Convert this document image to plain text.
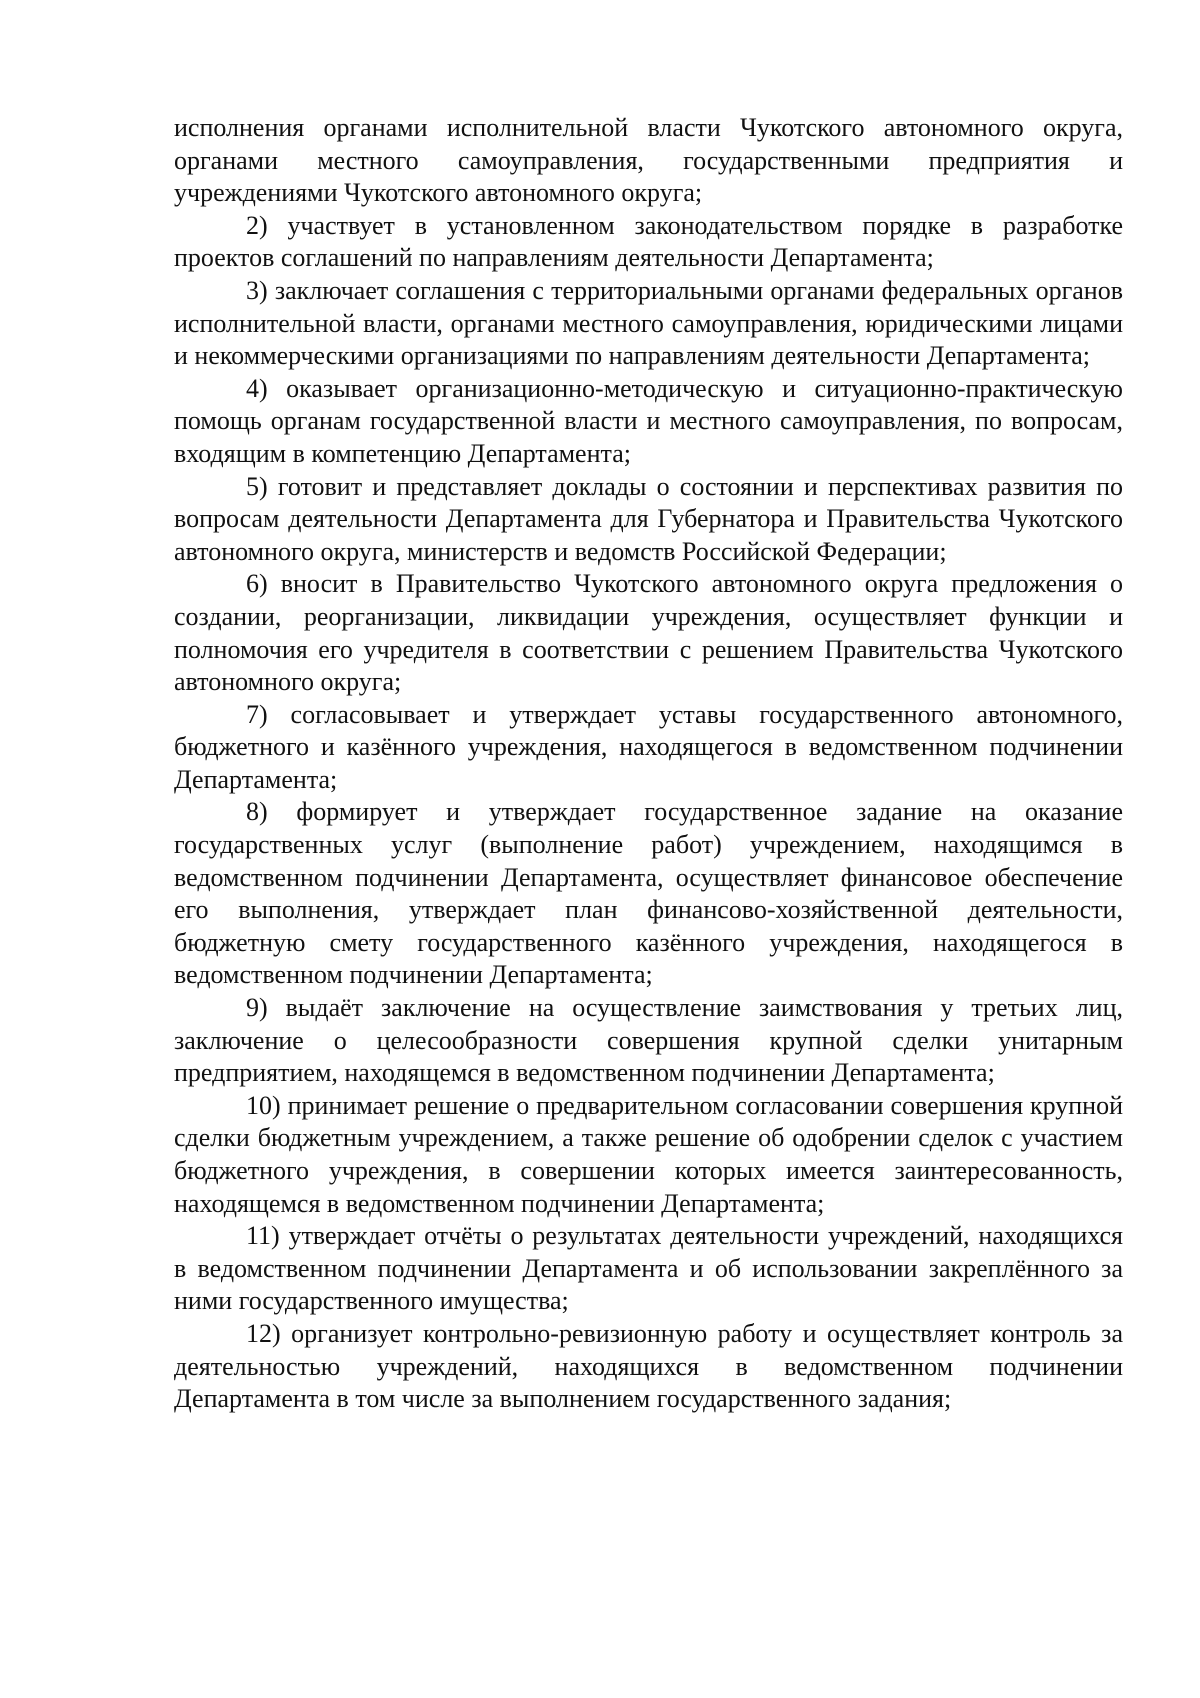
исполнения органами исполнительной власти Чукотского автономного округа, органами местного самоуправления, государственными предприятия и учреждениями Чукотского автономного округа;

2) участвует в установленном законодательством порядке в разработке проектов соглашений по направлениям деятельности Департамента;

3) заключает соглашения с территориальными органами федеральных органов исполнительной власти, органами местного самоуправления, юридическими лицами и некоммерческими организациями по направлениям деятельности Департамента;

4) оказывает организационно-методическую и ситуационно-практическую помощь органам государственной власти и местного самоуправления, по вопросам, входящим в компетенцию Департамента;

5) готовит и представляет доклады о состоянии и перспективах развития по вопросам деятельности Департамента для Губернатора и Правительства Чукотского автономного округа, министерств и ведомств Российской Федерации;

6) вносит в Правительство Чукотского автономного округа предложения о создании, реорганизации, ликвидации учреждения, осуществляет функции и полномочия его учредителя в соответствии с решением Правительства Чукотского автономного округа;

7) согласовывает и утверждает уставы государственного автономного, бюджетного и казённого учреждения, находящегося в ведомственном подчинении Департамента;

8) формирует и утверждает государственное задание на оказание государственных услуг (выполнение работ) учреждением, находящимся в ведомственном подчинении Департамента, осуществляет финансовое обеспечение его выполнения, утверждает план финансово-хозяйственной деятельности, бюджетную смету государственного казённого учреждения, находящегося в ведомственном подчинении Департамента;

9) выдаёт заключение на осуществление заимствования у третьих лиц, заключение о целесообразности совершения крупной сделки унитарным предприятием, находящемся в ведомственном подчинении Департамента;

10) принимает решение о предварительном согласовании совершения крупной сделки бюджетным учреждением, а также решение об одобрении сделок с участием бюджетного учреждения, в совершении которых имеется заинтересованность, находящемся в ведомственном подчинении Департамента;

11) утверждает отчёты о результатах деятельности учреждений, находящихся в ведомственном подчинении Департамента и об использовании закреплённого за ними государственного имущества;

12) организует контрольно-ревизионную работу и осуществляет контроль за деятельностью учреждений, находящихся в ведомственном подчинении Департамента в том числе за выполнением государственного задания;
